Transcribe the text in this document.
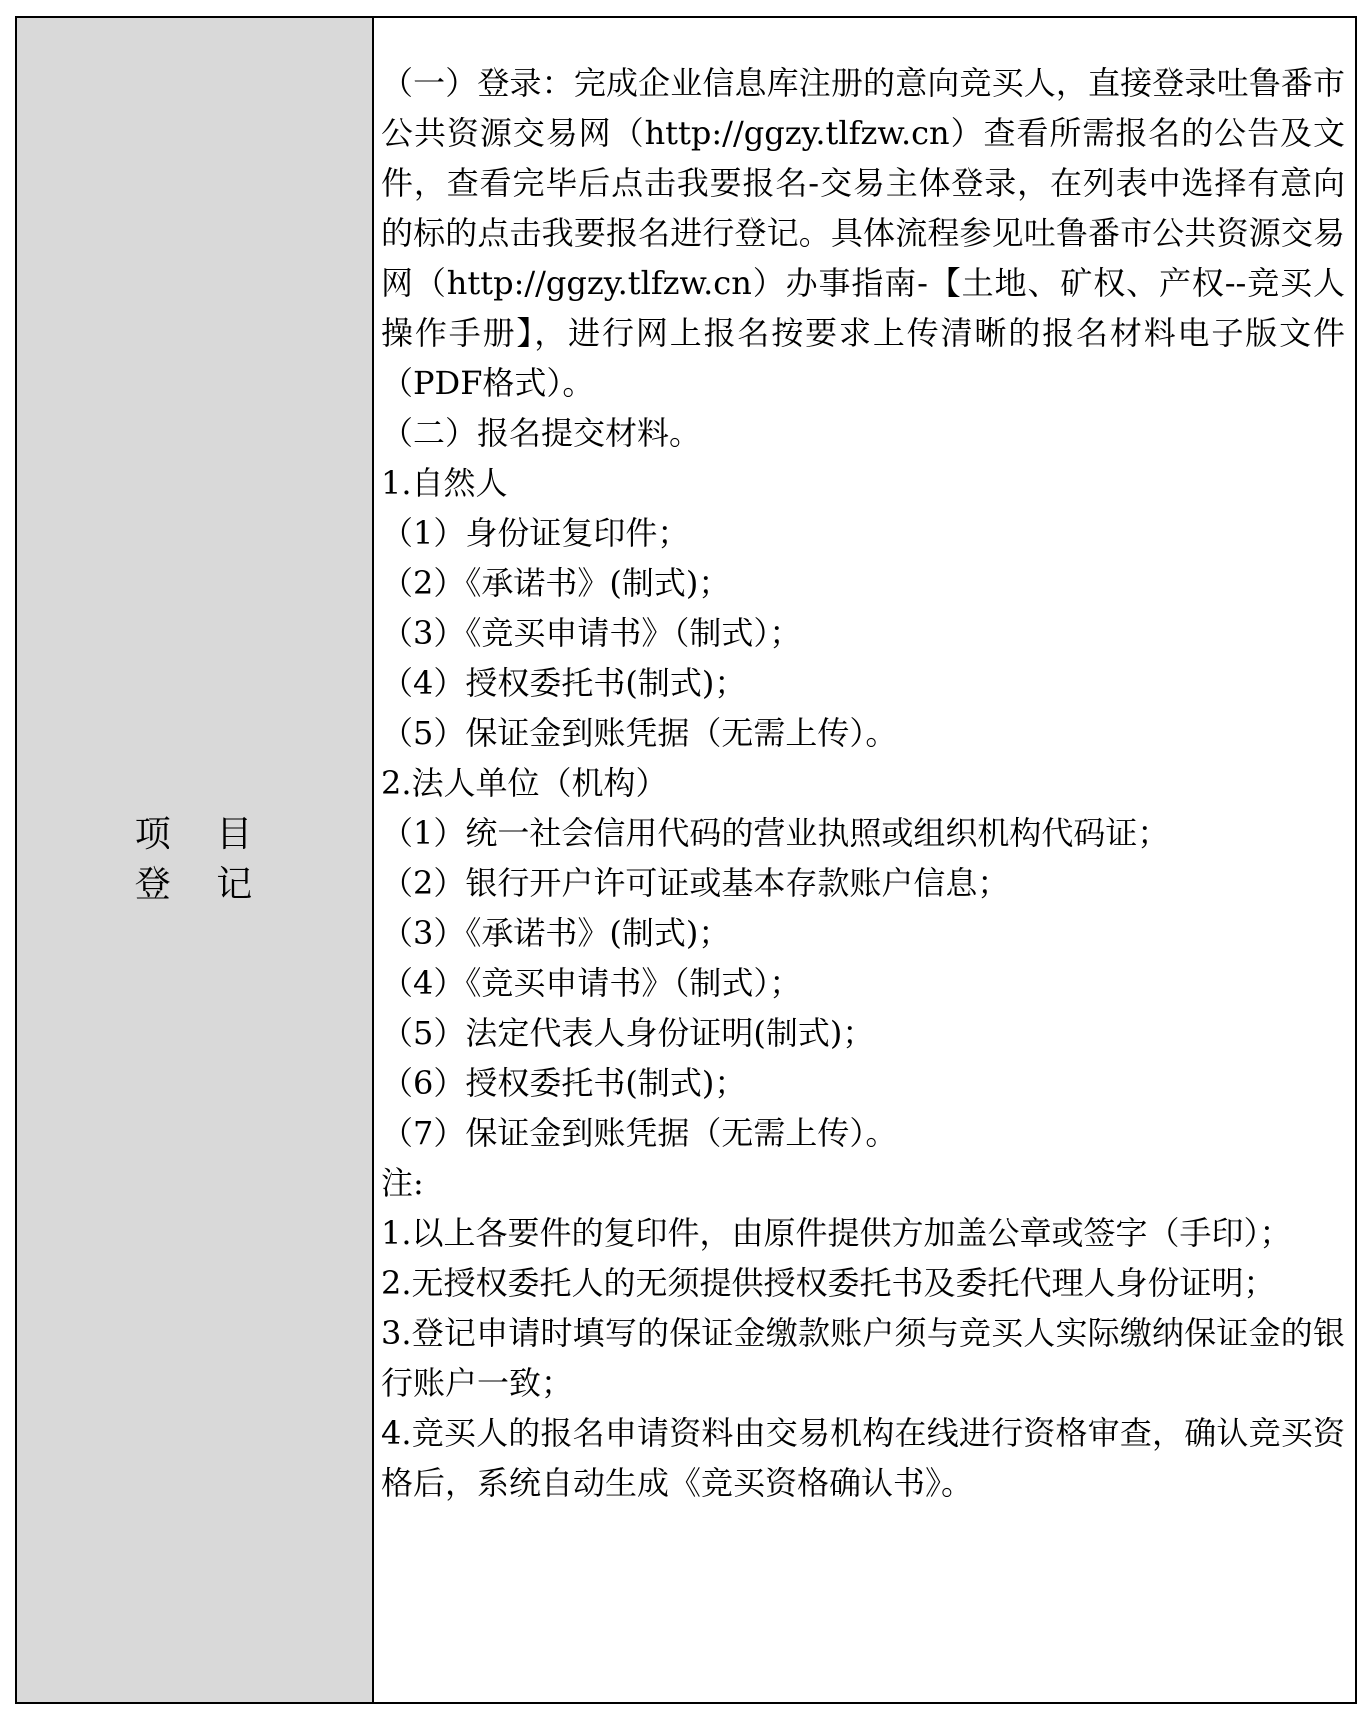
项 目
登 记

（一）登录：完成企业信息库注册的意向竞买人，直接登录吐鲁番市公共资源交易网（http://ggzy.tlfzw.cn）查看所需报名的公告及文件，查看完毕后点击我要报名-交易主体登录，在列表中选择有意向的标的点击我要报名进行登记。具体流程参见吐鲁番市公共资源交易网（http://ggzy.tlfzw.cn）办事指南-【土地、矿权、产权--竞买人操作手册】，进行网上报名按要求上传清晰的报名材料电子版文件（PDF格式）。

（二）报名提交材料。

1.自然人

（1）身份证复印件；

（2）《承诺书》(制式)；

（3）《竞买申请书》（制式）；

（4）授权委托书(制式)；

（5）保证金到账凭据（无需上传）。

2.法人单位（机构）

（1）统一社会信用代码的营业执照或组织机构代码证；

（2）银行开户许可证或基本存款账户信息；

（3）《承诺书》(制式)；

（4）《竞买申请书》（制式）；

（5）法定代表人身份证明(制式)；

（6）授权委托书(制式)；

（7）保证金到账凭据（无需上传）。

注:

1.以上各要件的复印件，由原件提供方加盖公章或签字（手印）；

2.无授权委托人的无须提供授权委托书及委托代理人身份证明；

3.登记申请时填写的保证金缴款账户须与竞买人实际缴纳保证金的银行账户一致；

4.竞买人的报名申请资料由交易机构在线进行资格审查，确认竞买资格后，系统自动生成《竞买资格确认书》。
